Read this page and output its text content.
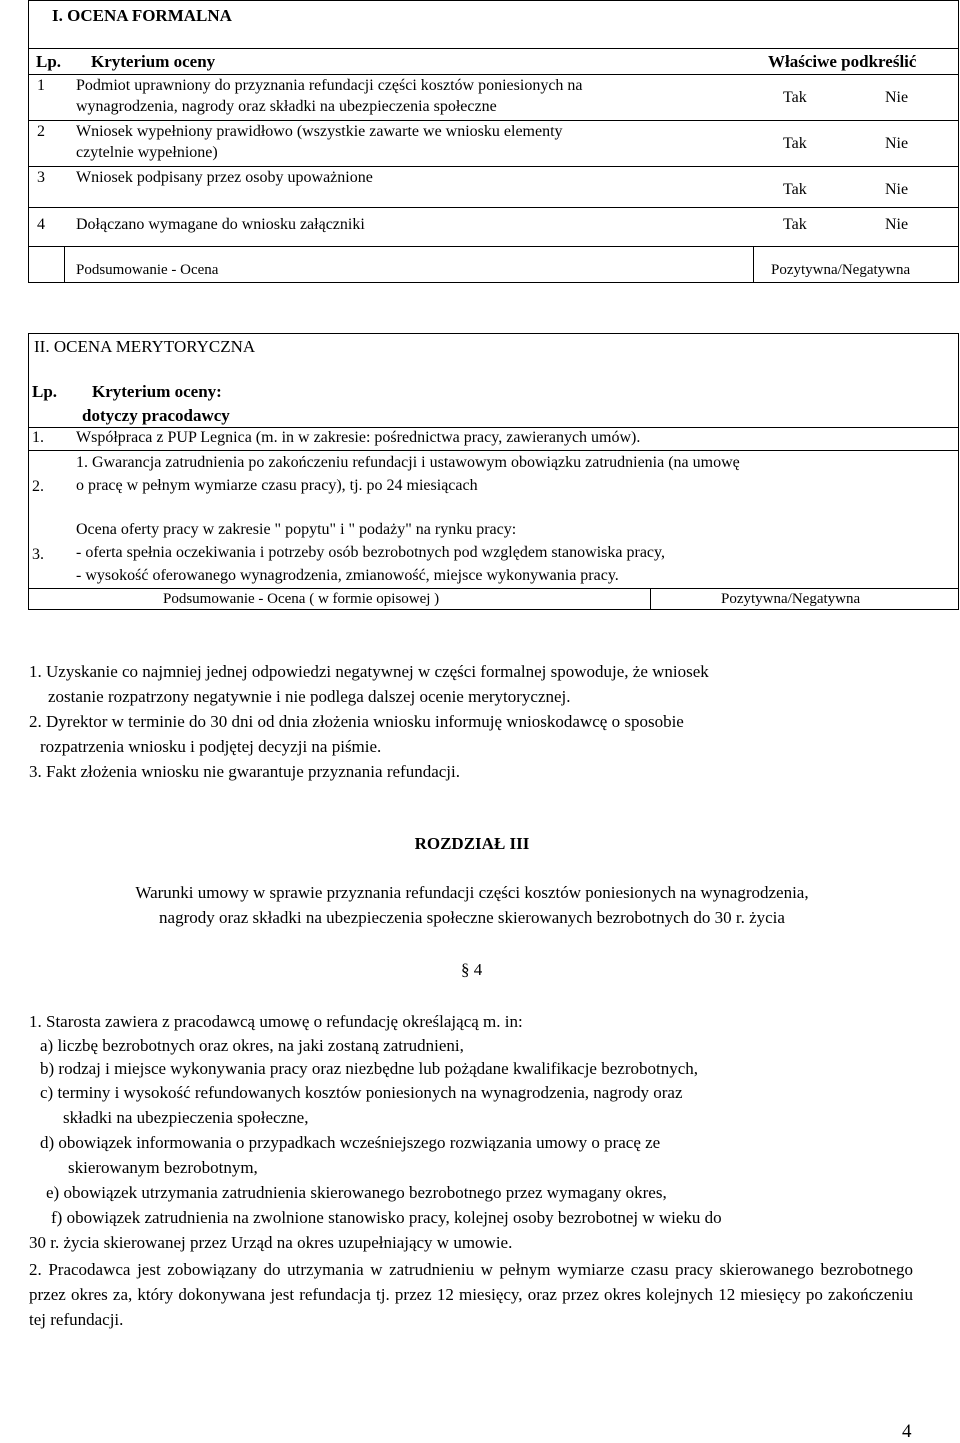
I. OCENA FORMALNA
Lp. Kryterium oceny	Właściwe podkreślić
1 Podmiot uprawniony do przyznania refundacji części kosztów poniesionych na
wynagrodzenia, nagrody oraz składki na ubezpieczenia społeczne
Tak	Nie
2 Wniosek wypełniony prawidłowo (wszystkie zawarte we wniosku elementy
czytelnie wypełnione)
Tak	Nie
3 Wniosek podpisany przez osoby upoważnione
Tak	Nie
4 Dołączano wymagane do wniosku załączniki	Tak	Nie
Podsumowanie - Ocena	Pozytywna/Negatywna
II. OCENA MERYTORYCZNA
Lp. Kryterium oceny:
dotyczy pracodawcy
1. Współpraca z PUP Legnica (m. in w zakresie: pośrednictwa pracy, zawieranych umów).
2.
1. Gwarancja zatrudnienia po zakończeniu refundacji i ustawowym obowiązku zatrudnienia (na umowę
o pracę w pełnym wymiarze czasu pracy), tj. po 24 miesiącach
3.
Ocena oferty pracy w zakresie " popytu" i " podaży" na rynku pracy:
- oferta spełnia oczekiwania i potrzeby osób bezrobotnych pod względem stanowiska pracy,
- wysokość oferowanego wynagrodzenia, zmianowość, miejsce wykonywania pracy.
Podsumowanie - Ocena ( w formie opisowej )	Pozytywna/Negatywna
1. Uzyskanie co najmniej jednej odpowiedzi negatywnej w części formalnej spowoduje, że wniosek
zostanie rozpatrzony negatywnie i nie podlega dalszej ocenie merytorycznej.
2. Dyrektor w terminie do 30 dni od dnia złożenia wniosku informuję wnioskodawcę o sposobie
rozpatrzenia wniosku i podjętej decyzji na piśmie.
3. Fakt złożenia wniosku nie gwarantuje przyznania refundacji.
ROZDZIAŁ III
Warunki umowy w sprawie przyznania refundacji części kosztów poniesionych na wynagrodzenia,
nagrody oraz składki na ubezpieczenia społeczne skierowanych bezrobotnych do 30 r. życia
§ 4
1. Starosta zawiera z pracodawcą umowę o refundację określającą m. in:
a) liczbę bezrobotnych oraz okres, na jaki zostaną zatrudnieni,
b) rodzaj i miejsce wykonywania pracy oraz niezbędne lub pożądane kwalifikacje bezrobotnych,
c) terminy i wysokość refundowanych kosztów poniesionych na wynagrodzenia, nagrody oraz
składki na ubezpieczenia społeczne,
d) obowiązek informowania o przypadkach wcześniejszego rozwiązania umowy o pracę ze
skierowanym bezrobotnym,
e) obowiązek utrzymania zatrudnienia skierowanego bezrobotnego przez wymagany okres,
f) obowiązek zatrudnienia na zwolnione stanowisko pracy, kolejnej osoby bezrobotnej w wieku do
30 r. życia skierowanej przez Urząd na okres uzupełniający w umowie.
2. Pracodawca jest zobowiązany do utrzymania w zatrudnieniu w pełnym wymiarze czasu pracy skierowanego bezrobotnego przez okres za, który dokonywana jest refundacja tj. przez 12 miesięcy, oraz przez okres kolejnych 12 miesięcy po zakończeniu tej refundacji.
4
